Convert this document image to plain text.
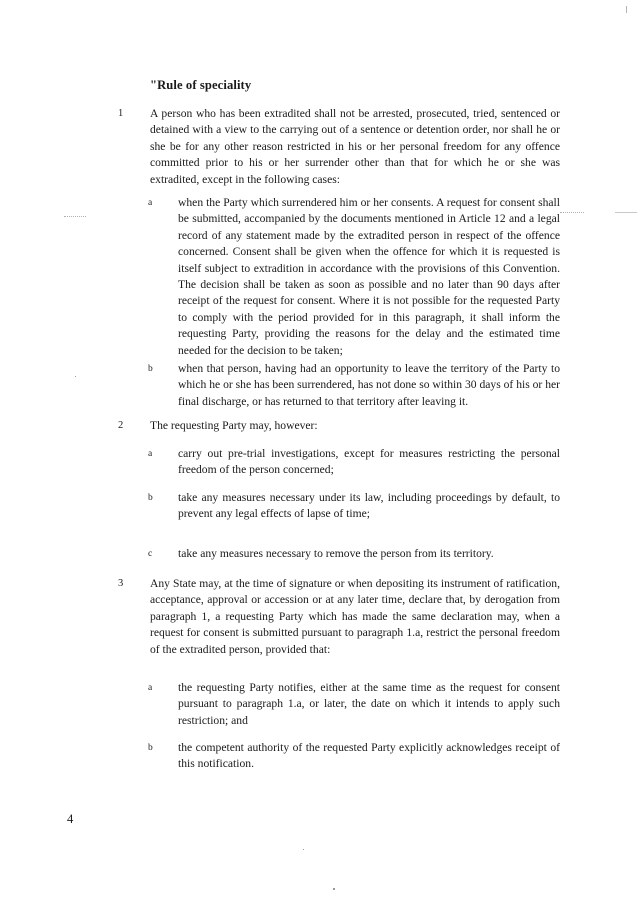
"Rule of speciality
1 A person who has been extradited shall not be arrested, prosecuted, tried, sentenced or detained with a view to the carrying out of a sentence or detention order, nor shall he or she be for any other reason restricted in his or her personal freedom for any offence committed prior to his or her surrender other than that for which he or she was extradited, except in the following cases:

a when the Party which surrendered him or her consents. A request for consent shall be submitted, accompanied by the documents mentioned in Article 12 and a legal record of any statement made by the extradited person in respect of the offence concerned. Consent shall be given when the offence for which it is requested is itself subject to extradition in accordance with the provisions of this Convention. The decision shall be taken as soon as possible and no later than 90 days after receipt of the request for consent. Where it is not possible for the requested Party to comply with the period provided for in this paragraph, it shall inform the requesting Party, providing the reasons for the delay and the estimated time needed for the decision to be taken;

b when that person, having had an opportunity to leave the territory of the Party to which he or she has been surrendered, has not done so within 30 days of his or her final discharge, or has returned to that territory after leaving it.

2 The requesting Party may, however:

a carry out pre-trial investigations, except for measures restricting the personal freedom of the person concerned;

b take any measures necessary under its law, including proceedings by default, to prevent any legal effects of lapse of time;

c take any measures necessary to remove the person from its territory.

3 Any State may, at the time of signature or when depositing its instrument of ratification, acceptance, approval or accession or at any later time, declare that, by derogation from paragraph 1, a requesting Party which has made the same declaration may, when a request for consent is submitted pursuant to paragraph 1.a, restrict the personal freedom of the extradited person, provided that:

a the requesting Party notifies, either at the same time as the request for consent pursuant to paragraph 1.a, or later, the date on which it intends to apply such restriction; and

b the competent authority of the requested Party explicitly acknowledges receipt of this notification.

4
